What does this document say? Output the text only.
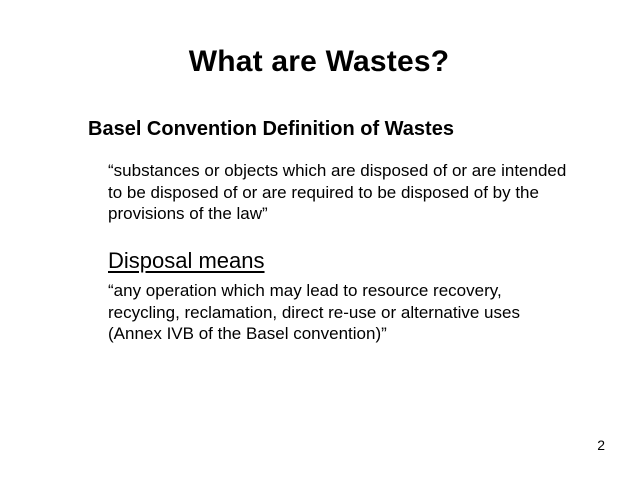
What are Wastes?
Basel Convention Definition of Wastes
“substances or objects which are disposed of or are intended
to be disposed of or are required to be disposed of by the
provisions of the law”
Disposal means
“any operation which may lead to resource recovery,
recycling, reclamation, direct re-use or alternative uses
(Annex IVB of the Basel convention)”
2
